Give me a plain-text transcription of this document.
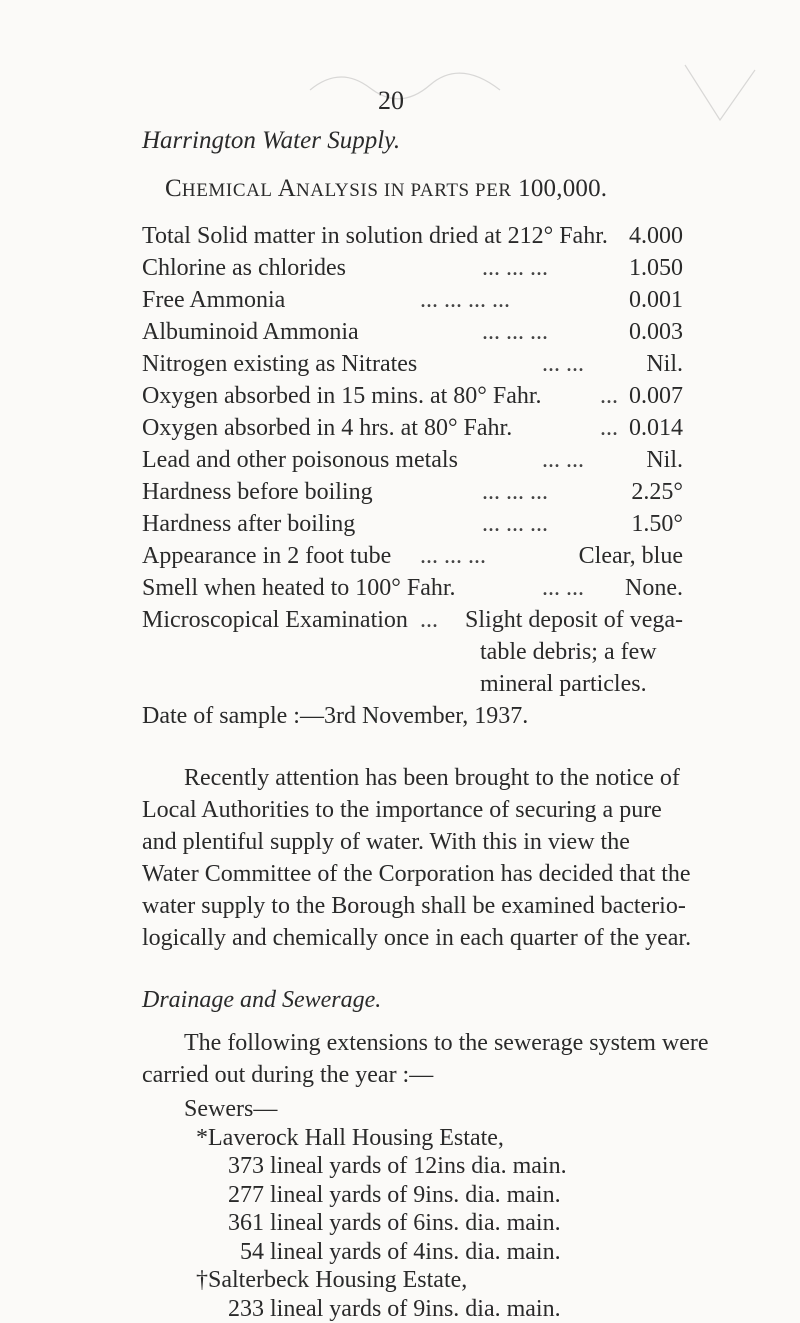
20
Harrington Water Supply.
CHEMICAL ANALYSIS IN PARTS PER 100,000.
Total Solid matter in solution dried at 212° Fahr. 4.000
Chlorine as chlorides	... ... ...	1.050
Free Ammonia	... ... ... ...	0.001
Albuminoid Ammonia	... ... ...	0.003
Nitrogen existing as Nitrates	... ...	Nil.
Oxygen absorbed in 15 mins. at 80° Fahr. ... 0.007
Oxygen absorbed in 4 hrs. at 80° Fahr.	... 0.014
Lead and other poisonous metals	... ...	Nil.
Hardness before boiling	... ... ...	2.25°
Hardness after boiling	... ... ...	1.50°
Appearance in 2 foot tube ... ... ...	Clear, blue
Smell when heated to 100° Fahr.	... ... None.
Microscopical Examination ... Slight deposit of vega-
table debris; a few
mineral particles.
Date of sample :—3rd November, 1937.
Recently attention has been brought to the notice of
Local Authorities to the importance of securing a pure
and plentiful supply of water. With this in view the
Water Committee of the Corporation has decided that the
water supply to the Borough shall be examined bacterio-
logically and chemically once in each quarter of the year.
Drainage and Sewerage.
The following extensions to the sewerage system were
carried out during the year :—
Sewers—
*Laverock Hall Housing Estate,
373 lineal yards of 12ins dia. main.
277 lineal yards of 9ins. dia. main.
361 lineal yards of 6ins. dia. main.
54 lineal yards of 4ins. dia. main.
†Salterbeck Housing Estate,
233 lineal yards of 9ins. dia. main.
